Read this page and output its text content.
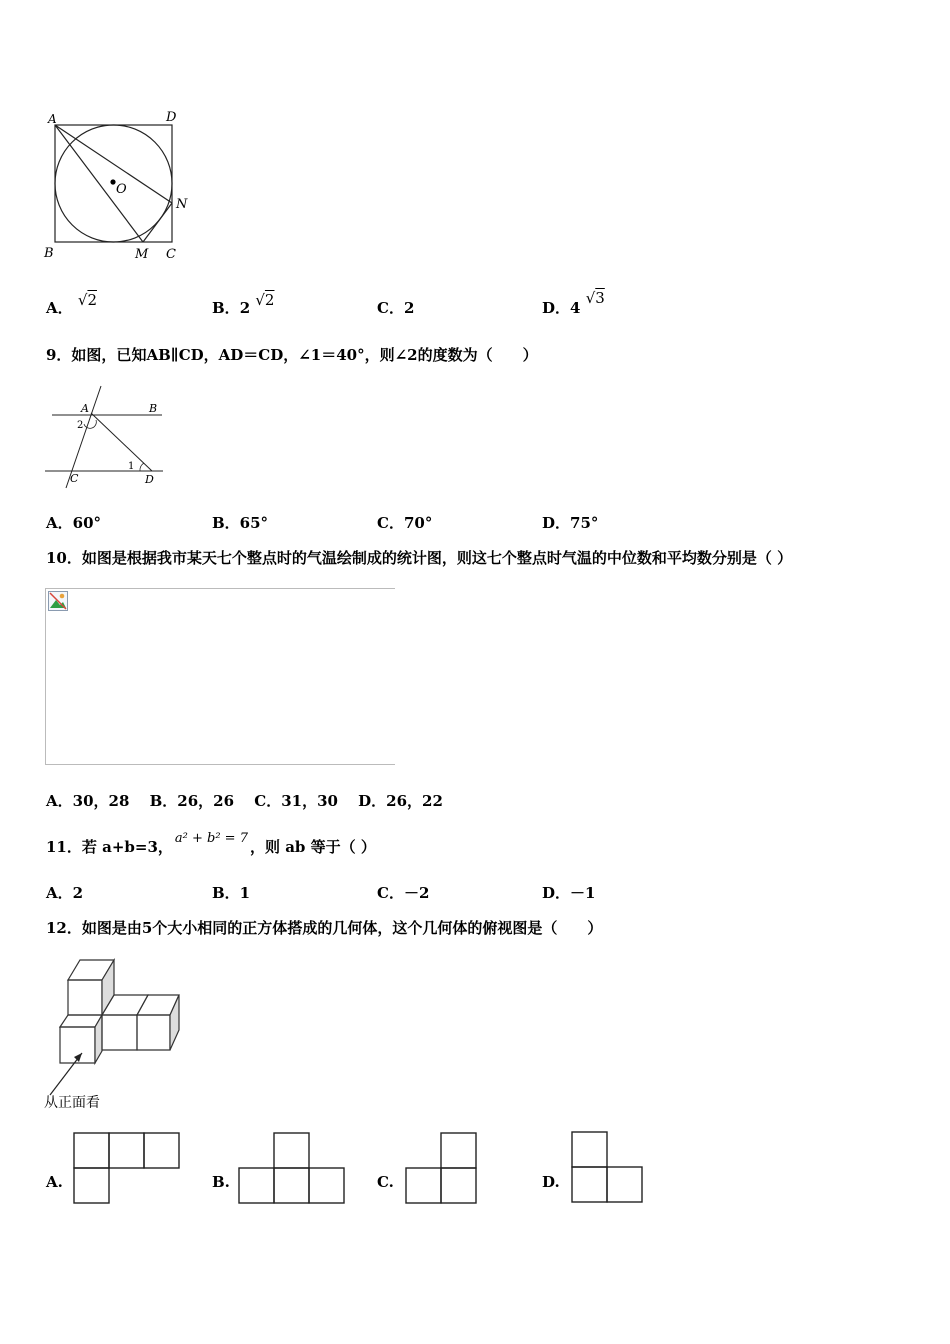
A	D
B	C
O
N
M
A． √2	B．2 √2	C．2	D．4 √3
9．如图，已知AB∥CD，AD＝CD，∠1＝40°，则∠2的度数为（　　）
A	B
C	D
1
2
A．60°	B．65°	C．70°	D．75°
10．如图是根据我市某天七个整点时的气温绘制成的统计图，则这七个整点时气温的中位数和平均数分别是（ ）
A．30，28　 B．26，26　 C．31，30　 D．26，22
11．若 a+b=3， a² + b² = 7 ，则 ab 等于（ ）
A．2	B．1	C．－2	D．－1
12．如图是由5个大小相同的正方体搭成的几何体，这个几何体的俯视图是（　　）
从正面看
A.	B.	C.	D.
